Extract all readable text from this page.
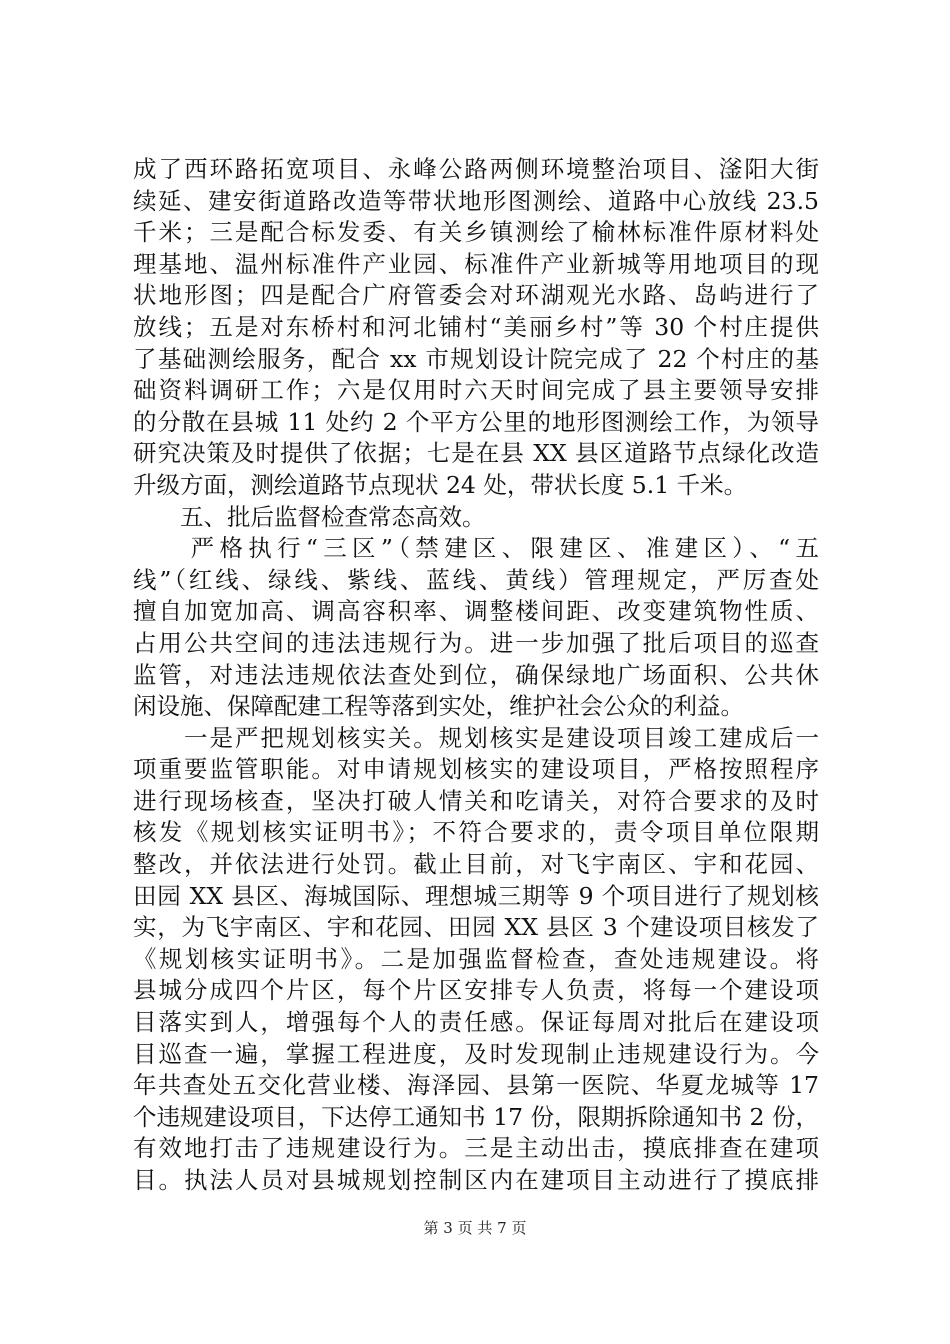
成了西环路拓宽项目、永峰公路两侧环境整治项目、滏阳大街
续延、建安街道路改造等带状地形图测绘、道路中心放线 23.5
千米；三是配合标发委、有关乡镇测绘了榆林标准件原材料处
理基地、温州标准件产业园、标准件产业新城等用地项目的现
状地形图；四是配合广府管委会对环湖观光水路、岛屿进行了
放线；五是对东桥村和河北铺村“美丽乡村”等 30 个村庄提供
了基础测绘服务，配合 xx 市规划设计院完成了 22 个村庄的基
础资料调研工作；六是仅用时六天时间完成了县主要领导安排
的分散在县城 11 处约 2 个平方公里的地形图测绘工作，为领导
研究决策及时提供了依据；七是在县 XX 县区道路节点绿化改造
升级方面，测绘道路节点现状 24 处，带状长度 5.1 千米。
　　五、批后监督检查常态高效。
　　严格执行“三区”（禁建区、限建区、准建区）、“五
线”（红线、绿线、紫线、蓝线、黄线）管理规定，严厉查处
擅自加宽加高、调高容积率、调整楼间距、改变建筑物性质、
占用公共空间的违法违规行为。进一步加强了批后项目的巡查
监管，对违法违规依法查处到位，确保绿地广场面积、公共休
闲设施、保障配建工程等落到实处，维护社会公众的利益。
　　一是严把规划核实关。规划核实是建设项目竣工建成后一
项重要监管职能。对申请规划核实的建设项目，严格按照程序
进行现场核查，坚决打破人情关和吃请关，对符合要求的及时
核发《规划核实证明书》；不符合要求的，责令项目单位限期
整改，并依法进行处罚。截止目前，对飞宇南区、宇和花园、
田园 XX 县区、海城国际、理想城三期等 9 个项目进行了规划核
实，为飞宇南区、宇和花园、田园 XX 县区 3 个建设项目核发了
《规划核实证明书》。二是加强监督检查，查处违规建设。将
县城分成四个片区，每个片区安排专人负责，将每一个建设项
目落实到人，增强每个人的责任感。保证每周对批后在建设项
目巡查一遍，掌握工程进度，及时发现制止违规建设行为。今
年共查处五交化营业楼、海泽园、县第一医院、华夏龙城等 17
个违规建设项目，下达停工通知书 17 份，限期拆除通知书 2 份，
有效地打击了违规建设行为。三是主动出击，摸底排查在建项
目。执法人员对县城规划控制区内在建项目主动进行了摸底排
第 3 页 共 7 页
